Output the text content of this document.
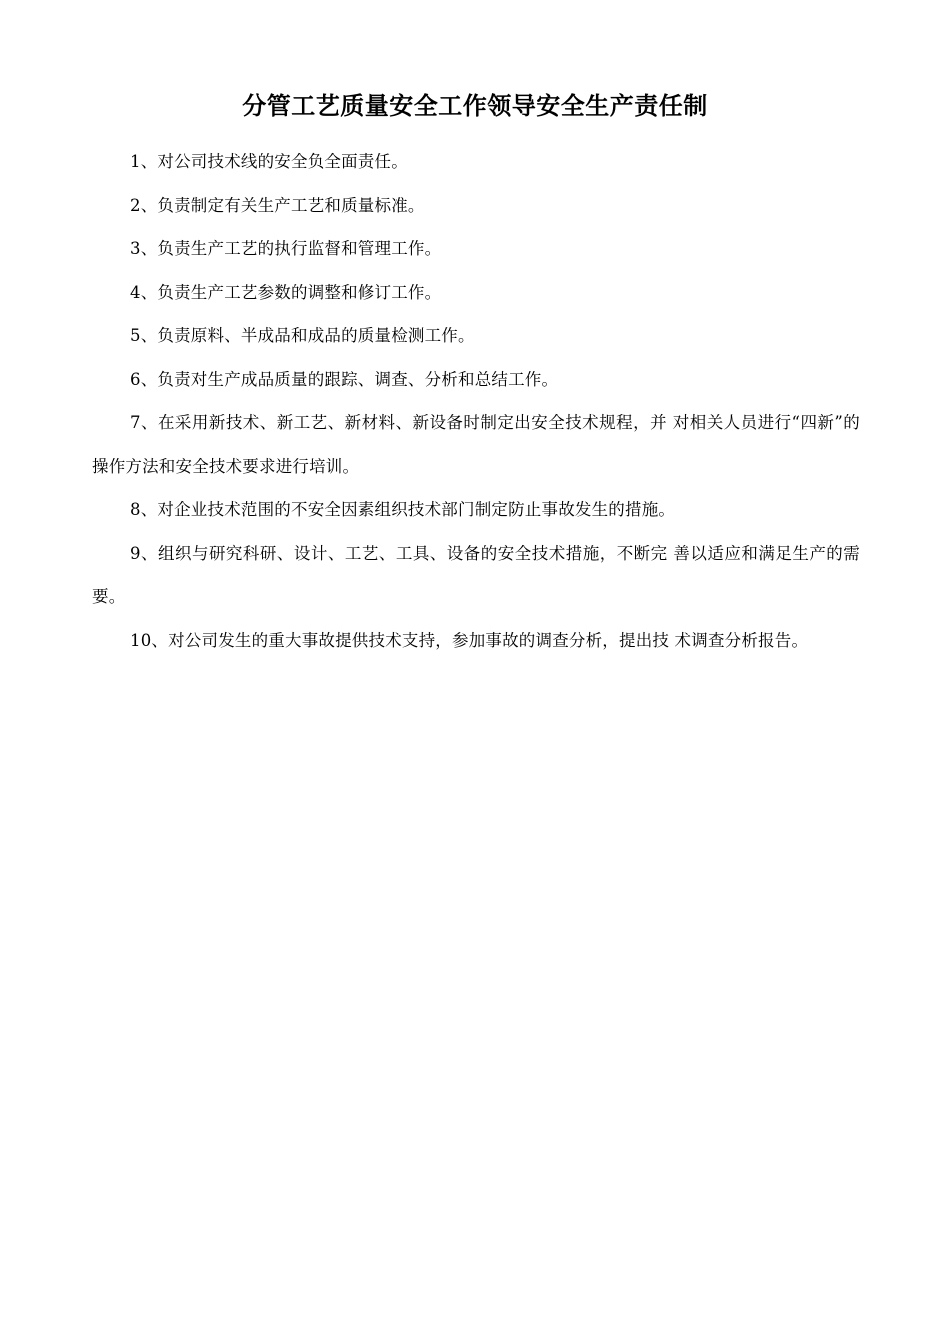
分管工艺质量安全工作领导安全生产责任制

1、对公司技术线的安全负全面责任。

2、负责制定有关生产工艺和质量标准。

3、负责生产工艺的执行监督和管理工作。

4、负责生产工艺参数的调整和修订工作。

5、负责原料、半成品和成品的质量检测工作。

6、负责对生产成品质量的跟踪、调查、分析和总结工作。

7、在采用新技术、新工艺、新材料、新设备时制定出安全技术规程，并 对相关人员进行“四新”的操作方法和安全技术要求进行培训。

8、对企业技术范围的不安全因素组织技术部门制定防止事故发生的措施。

9、组织与研究科研、设计、工艺、工具、设备的安全技术措施，不断完 善以适应和满足生产的需要。

10、对公司发生的重大事故提供技术支持，参加事故的调查分析，提出技 术调查分析报告。
